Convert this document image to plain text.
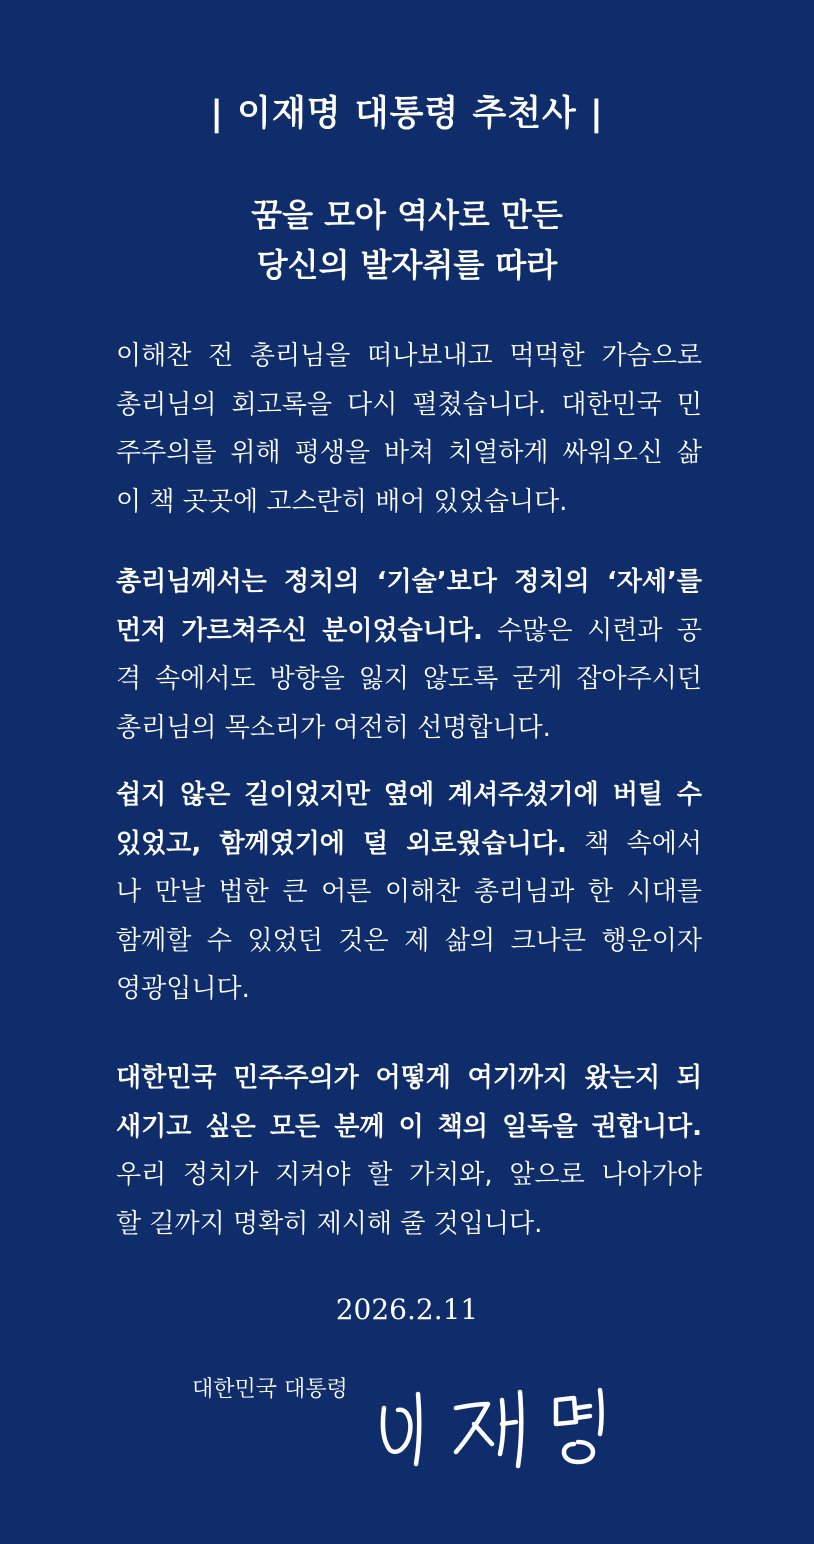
| 이재명 대통령 추천사 |
꿈을 모아 역사로 만든
당신의 발자취를 따라
이해찬 전 총리님을 떠나보내고 먹먹한 가슴으로
총리님의 회고록을 다시 펼쳤습니다. 대한민국 민
주주의를 위해 평생을 바쳐 치열하게 싸워오신 삶
이 책 곳곳에 고스란히 배어 있었습니다.
총리님께서는 정치의 ‘기술’보다 정치의 ‘자세’를
먼저 가르쳐주신 분이었습니다. 수많은 시련과 공
격 속에서도 방향을 잃지 않도록 굳게 잡아주시던
총리님의 목소리가 여전히 선명합니다.
쉽지 않은 길이었지만 옆에 계셔주셨기에 버틸 수
있었고, 함께였기에 덜 외로웠습니다. 책 속에서
나 만날 법한 큰 어른 이해찬 총리님과 한 시대를
함께할 수 있었던 것은 제 삶의 크나큰 행운이자
영광입니다.
대한민국 민주주의가 어떻게 여기까지 왔는지 되
새기고 싶은 모든 분께 이 책의 일독을 권합니다.
우리 정치가 지켜야 할 가치와, 앞으로 나아가야
할 길까지 명확히 제시해 줄 것입니다.
2026.2.11
대한민국 대통령
